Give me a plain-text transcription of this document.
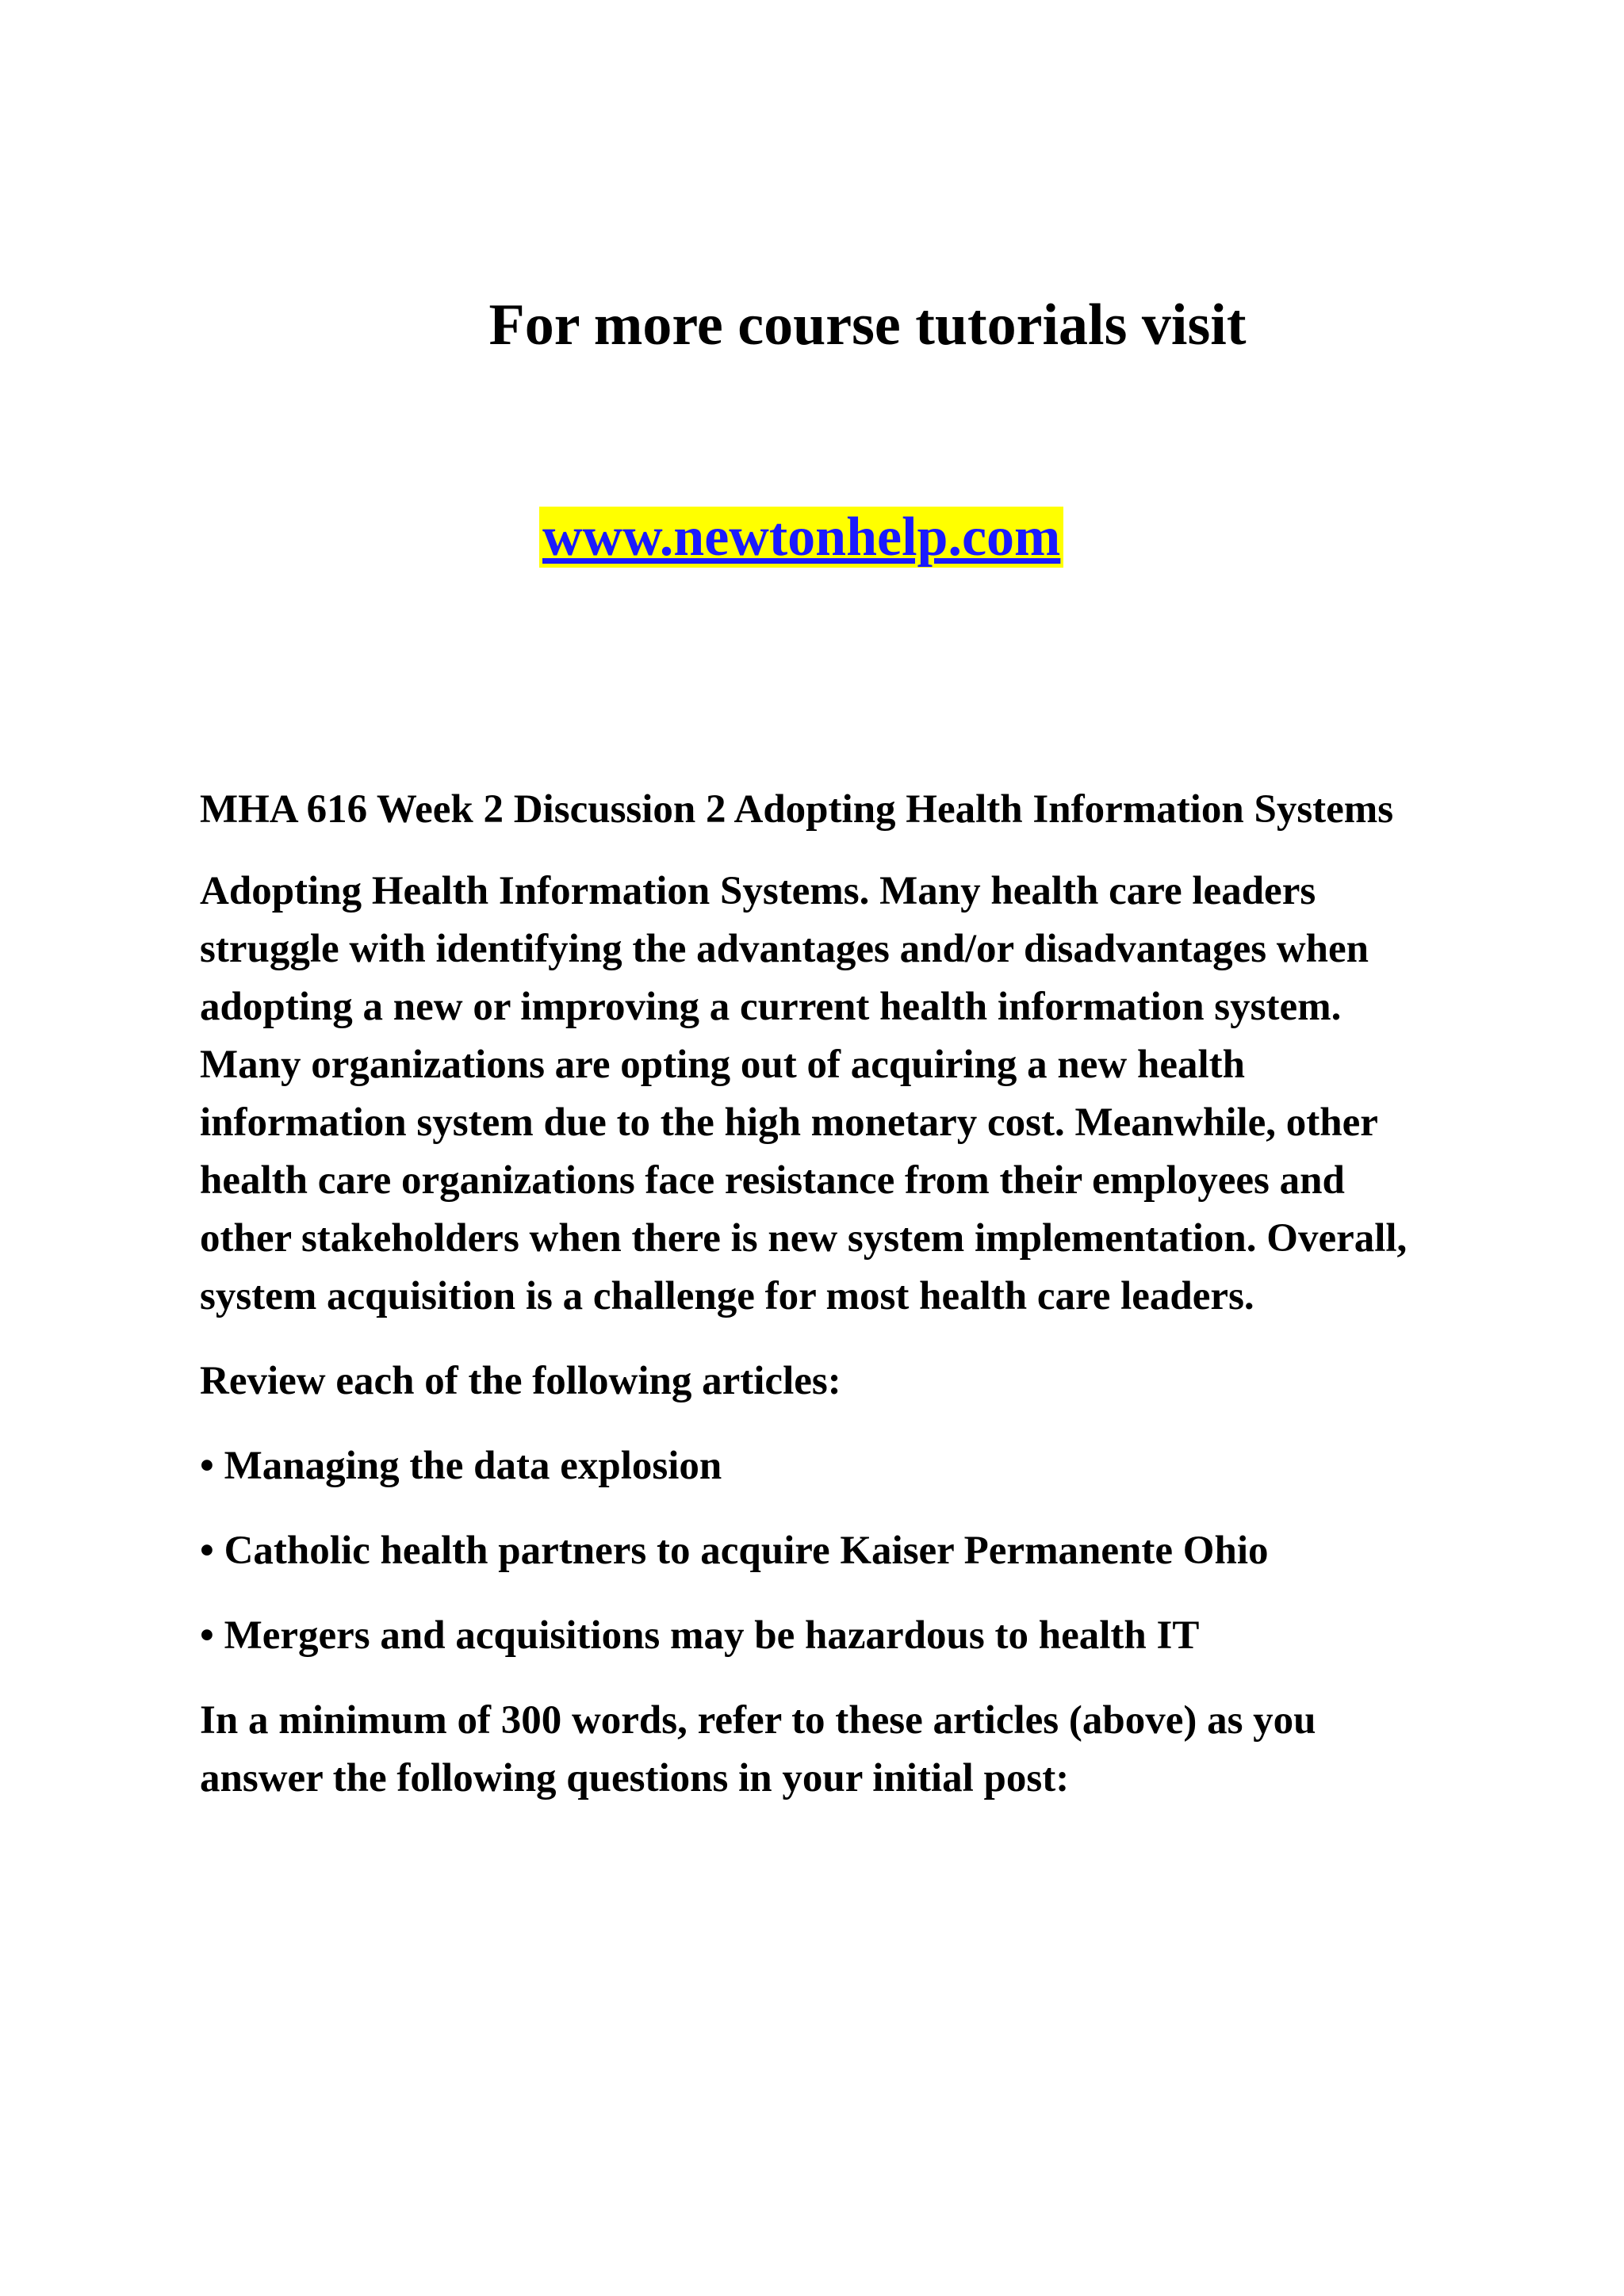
For more course tutorials visit
www.newtonhelp.com

MHA 616 Week 2 Discussion 2 Adopting Health Information Systems

Adopting Health Information Systems. Many health care leaders struggle with identifying the advantages and/or disadvantages when adopting a new or improving a current health information system. Many organizations are opting out of acquiring a new health information system due to the high monetary cost. Meanwhile, other health care organizations face resistance from their employees and other stakeholders when there is new system implementation. Overall, system acquisition is a challenge for most health care leaders.

Review each of the following articles:

• Managing the data explosion

• Catholic health partners to acquire Kaiser Permanente Ohio

• Mergers and acquisitions may be hazardous to health IT

In a minimum of 300 words, refer to these articles (above) as you answer the following questions in your initial post:
